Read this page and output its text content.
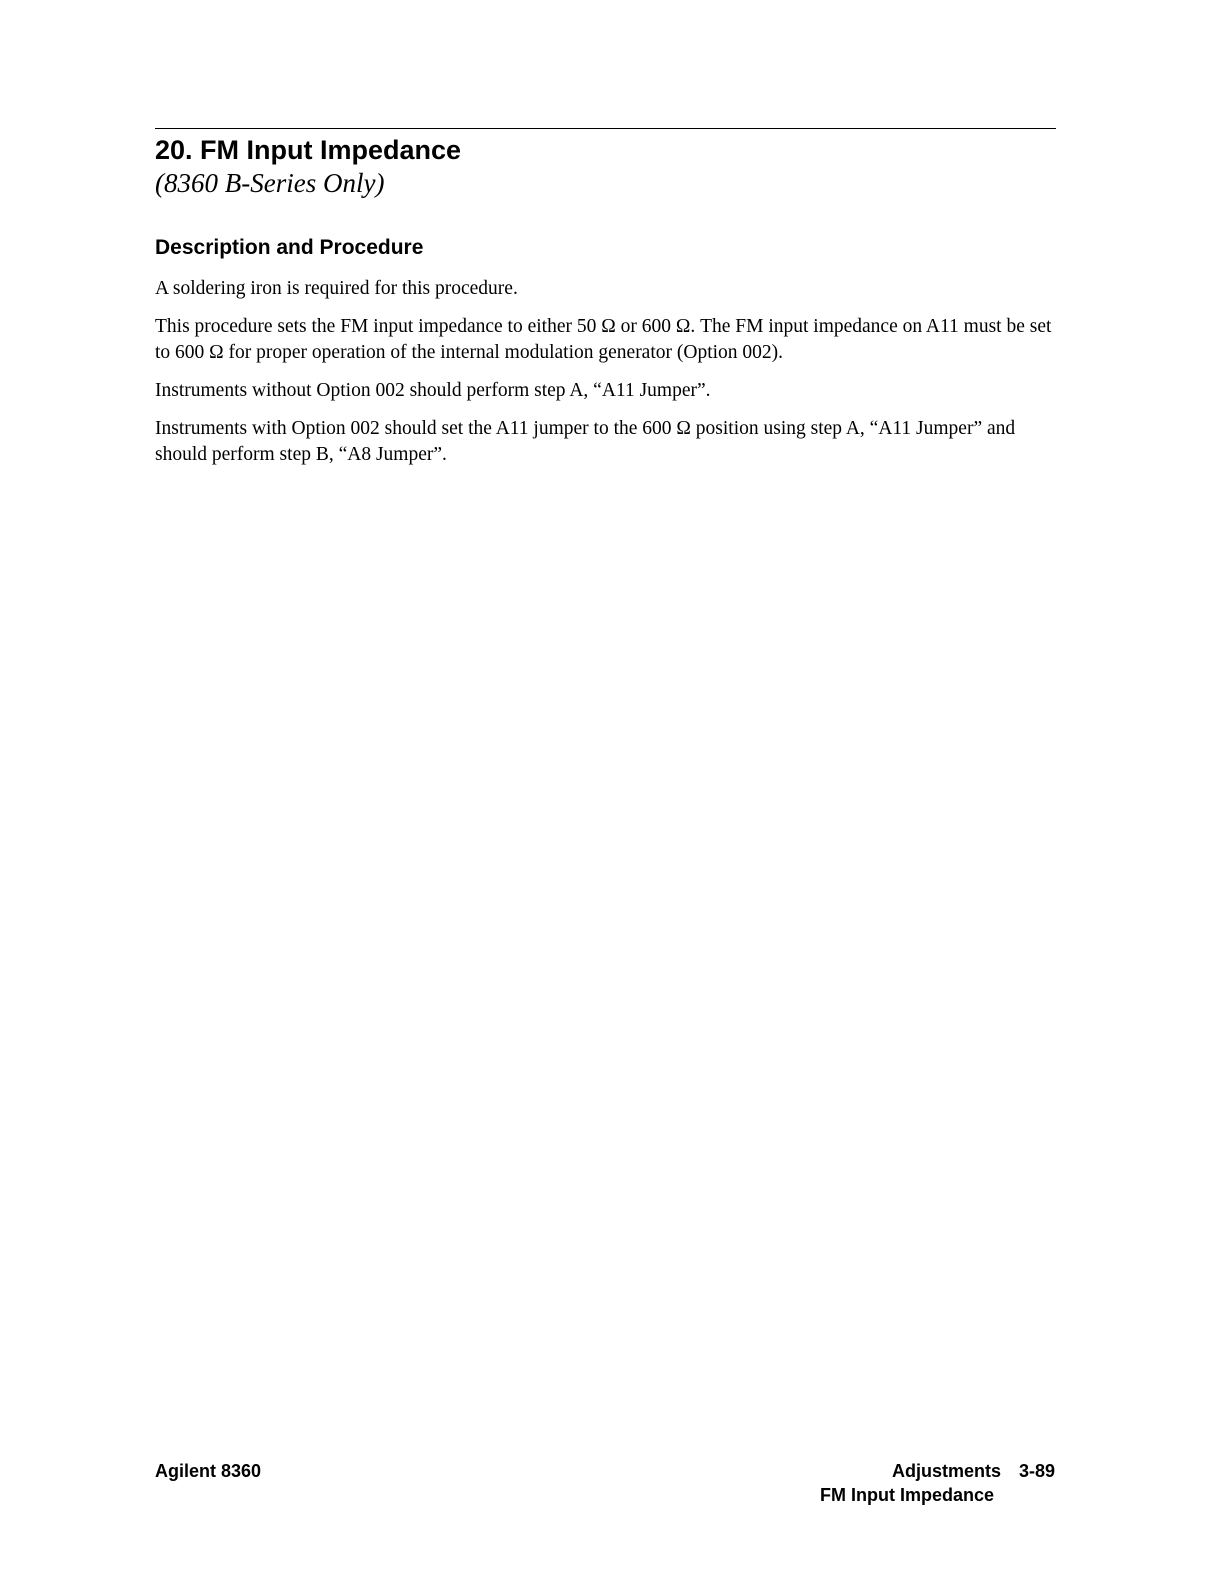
20. FM Input Impedance
(8360 B-Series Only)
Description and Procedure

A soldering iron is required for this procedure.

This procedure sets the FM input impedance to either 50 Ω or 600 Ω. The FM input impedance on A11 must be set to 600 Ω for proper operation of the internal modulation generator (Option 002).

Instruments without Option 002 should perform step A, “A11 Jumper”.

Instruments with Option 002 should set the A11 jumper to the 600 Ω position using step A, “A11 Jumper” and should perform step B, “A8 Jumper”.

Agilent 8360	Adjustments 3-89
FM Input Impedance
